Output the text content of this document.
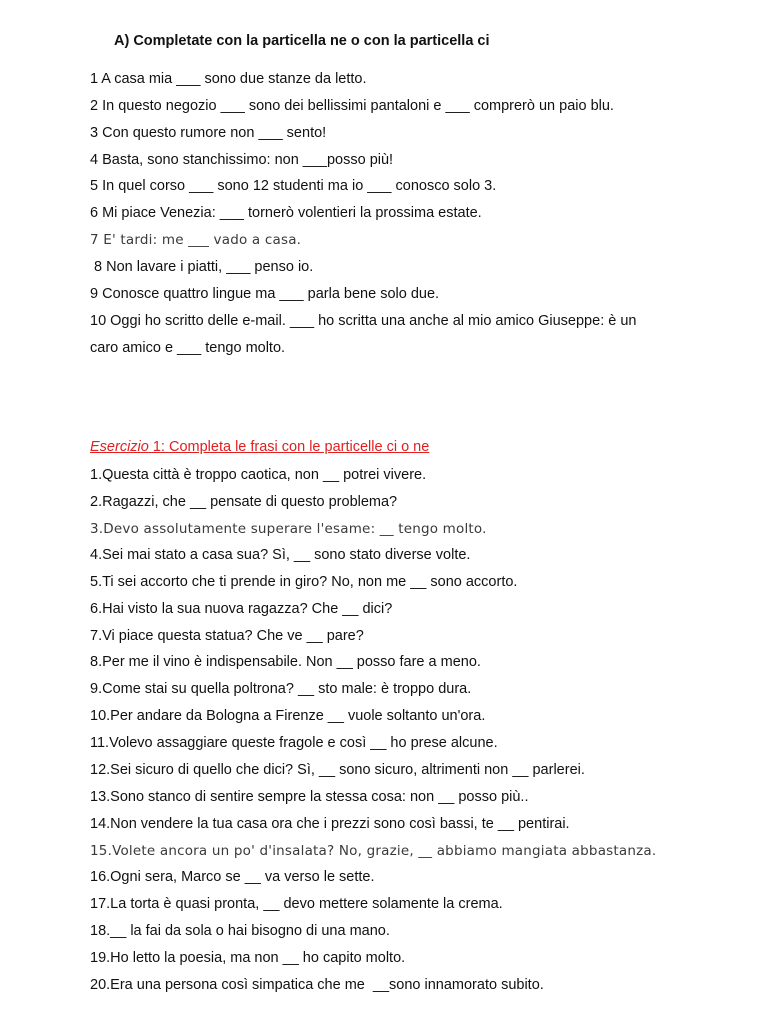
A) Completate con la particella ne o con la particella ci
1 A casa mia ___ sono due stanze da letto.
2 In questo negozio ___ sono dei bellissimi pantaloni e ___ comprerò un paio blu.
3 Con questo rumore non ___ sento!
4 Basta, sono stanchissimo: non ___posso più!
5 In quel corso ___ sono 12 studenti ma io ___ conosco solo 3.
6 Mi piace Venezia: ___ tornerò volentieri la prossima estate.
7 E' tardi: me ___ vado a casa.
8 Non lavare i piatti, ___ penso io.
9 Conosce quattro lingue ma ___ parla bene solo due.
10 Oggi ho scritto delle e-mail. ___ ho scritta una anche al mio amico Giuseppe: è un
caro amico e ___ tengo molto.
Esercizio 1: Completa le frasi con le particelle ci o ne
1.Questa città è troppo caotica, non __ potrei vivere.
2.Ragazzi, che __ pensate di questo problema?
3.Devo assolutamente superare l'esame: __ tengo molto.
4.Sei mai stato a casa sua? Sì, __ sono stato diverse volte.
5.Ti sei accorto che ti prende in giro? No, non me __ sono accorto.
6.Hai visto la sua nuova ragazza? Che __ dici?
7.Vi piace questa statua? Che ve __ pare?
8.Per me il vino è indispensabile. Non __ posso fare a meno.
9.Come stai su quella poltrona? __ sto male: è troppo dura.
10.Per andare da Bologna a Firenze __ vuole soltanto un'ora.
11.Volevo assaggiare queste fragole e così __ ho prese alcune.
12.Sei sicuro di quello che dici? Sì, __ sono sicuro, altrimenti non __ parlerei.
13.Sono stanco di sentire sempre la stessa cosa: non __ posso più..
14.Non vendere la tua casa ora che i prezzi sono così bassi, te __ pentirai.
15.Volete ancora un po' d'insalata? No, grazie, __ abbiamo mangiata abbastanza.
16.Ogni sera, Marco se __ va verso le sette.
17.La torta è quasi pronta, __ devo mettere solamente la crema.
18.__ la fai da sola o hai bisogno di una mano.
19.Ho letto la poesia, ma non __ ho capito molto.
20.Era una persona così simpatica che me  __sono innamorato subito.
